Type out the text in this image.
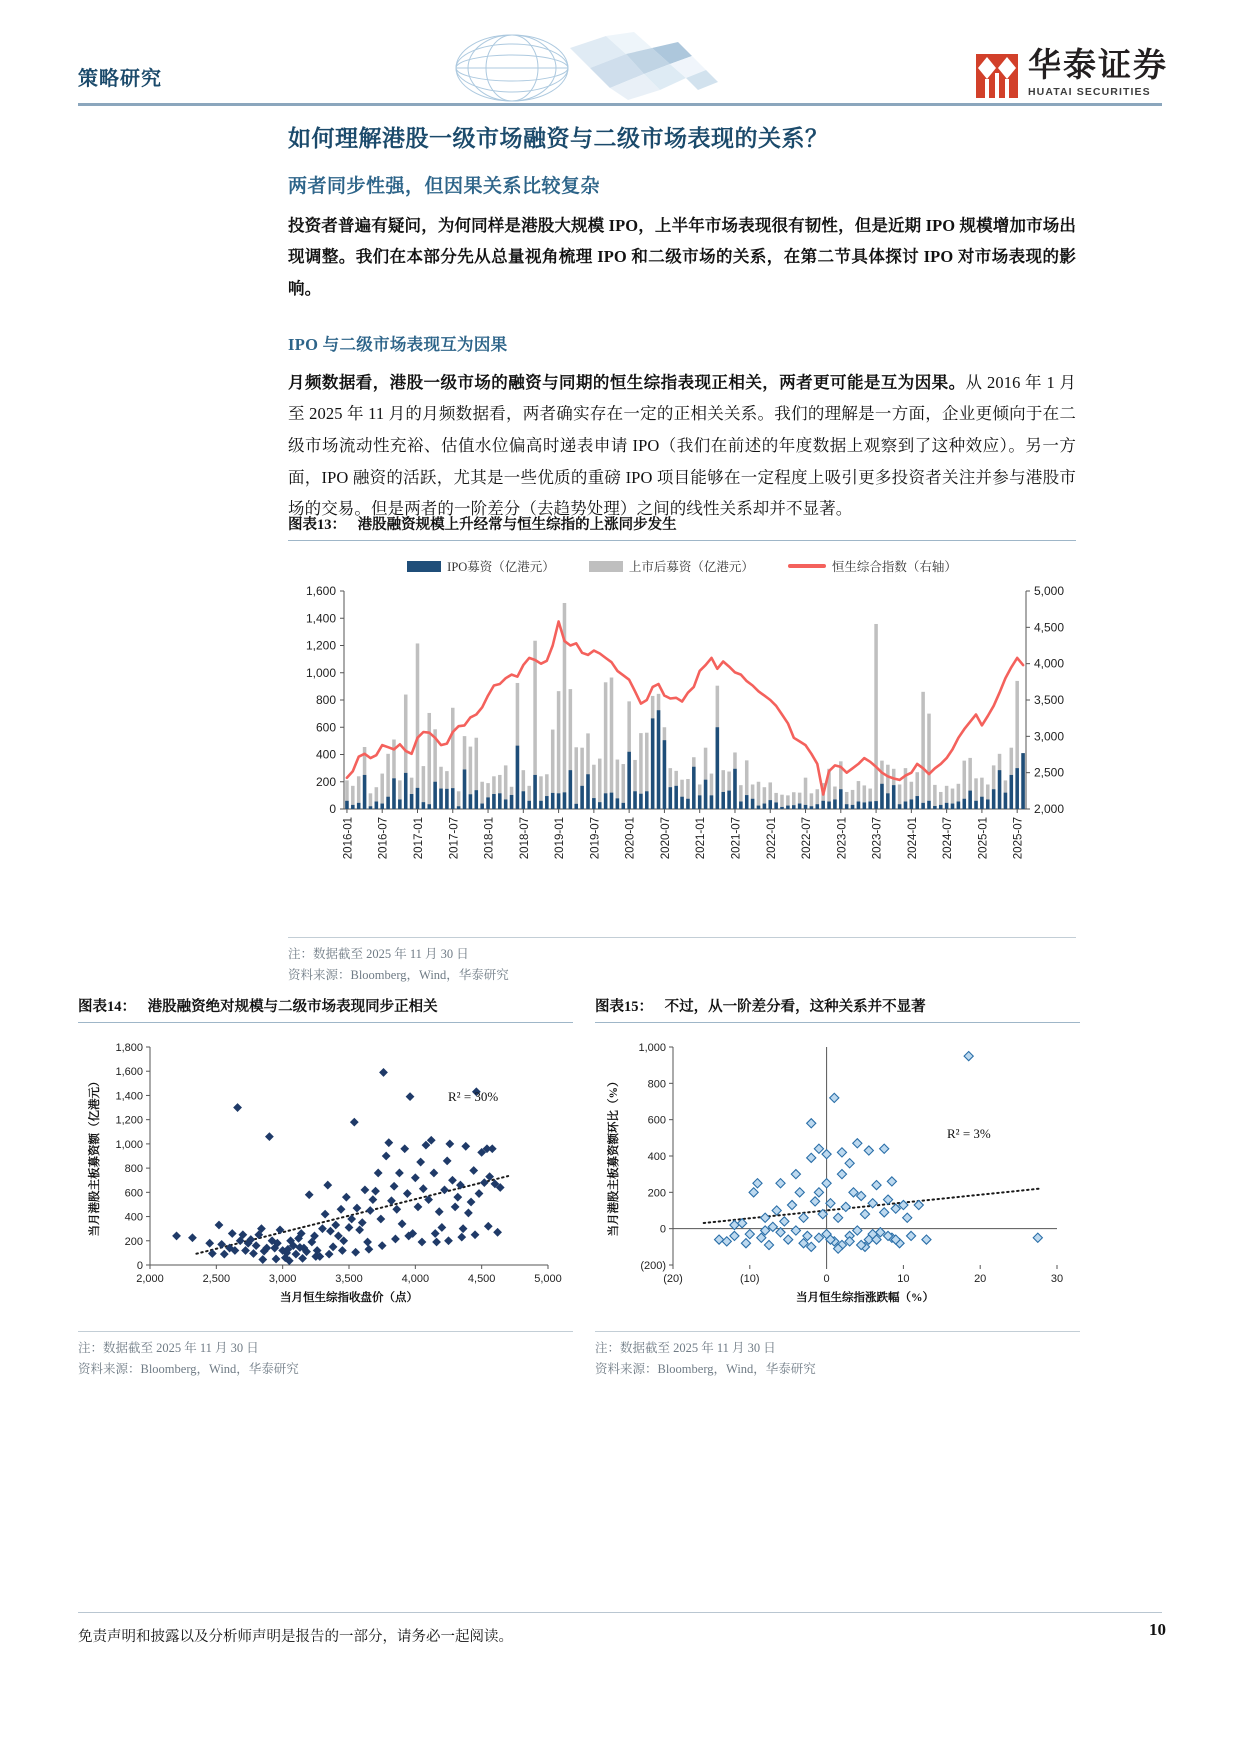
策略研究	华泰证券
HUATAI SECURITIES
如何理解港股一级市场融资与二级市场表现的关系？
两者同步性强，但因果关系比较复杂

投资者普遍有疑问，为何同样是港股大规模 IPO，上半年市场表现很有韧性，但是近期 IPO 规模增加市场出现调整。我们在本部分先从总量视角梳理 IPO 和二级市场的关系，在第二节具体探讨 IPO 对市场表现的影响。

IPO 与二级市场表现互为因果

月频数据看，港股一级市场的融资与同期的恒生综指表现正相关，两者更可能是互为因果。从 2016 年 1 月至 2025 年 11 月的月频数据看，两者确实存在一定的正相关关系。我们的理解是一方面，企业更倾向于在二级市场流动性充裕、估值水位偏高时递表申请 IPO（我们在前述的年度数据上观察到了这种效应）。另一方面，IPO 融资的活跃，尤其是一些优质的重磅 IPO 项目能够在一定程度上吸引更多投资者关注并参与港股市场的交易。但是两者的一阶差分（去趋势处理）之间的线性关系却并不显著。

图表13： 港股融资规模上升经常与恒生综指的上涨同步发生
IPO募资（亿港元）	上市后募资（亿港元）	恒生综合指数（右轴）
0
200
400
600
800
1,000
1,200
1,400
1,600
2,000
2,500
3,000
3,500
4,000
4,500
5,000
2016-01 2016-07 2017-01 2017-07 2018-01 2018-07 2019-01 2019-07 2020-01 2020-07 2021-01 2021-07 2022-01 2022-07 2023-01 2023-07 2024-01 2024-07 2025-01 2025-07
注：数据截至 2025 年 11 月 30 日
资料来源：Bloomberg，Wind，华泰研究
图表14： 港股融资绝对规模与二级市场表现同步正相关
0
200
400
600
800
1,000
1,200
1,400
1,600
1,800
2,000	2,500	3,000	3,500	4,000	4,500	5,000
当月恒生综指收盘价（点）
当月港股主板募资额（亿港元）	R² = 30%
注：数据截至 2025 年 11 月 30 日
资料来源：Bloomberg，Wind，华泰研究
图表15： 不过，从一阶差分看，这种关系并不显著
(200)
0
200
400
600
800
1,000
(20)	(10)	0	10	20	30
当月恒生综指涨跌幅（%）
当月港股主板募资额环比（%）	R² = 3%
注：数据截至 2025 年 11 月 30 日
资料来源：Bloomberg，Wind，华泰研究
免责声明和披露以及分析师声明是报告的一部分，请务必一起阅读。	10
